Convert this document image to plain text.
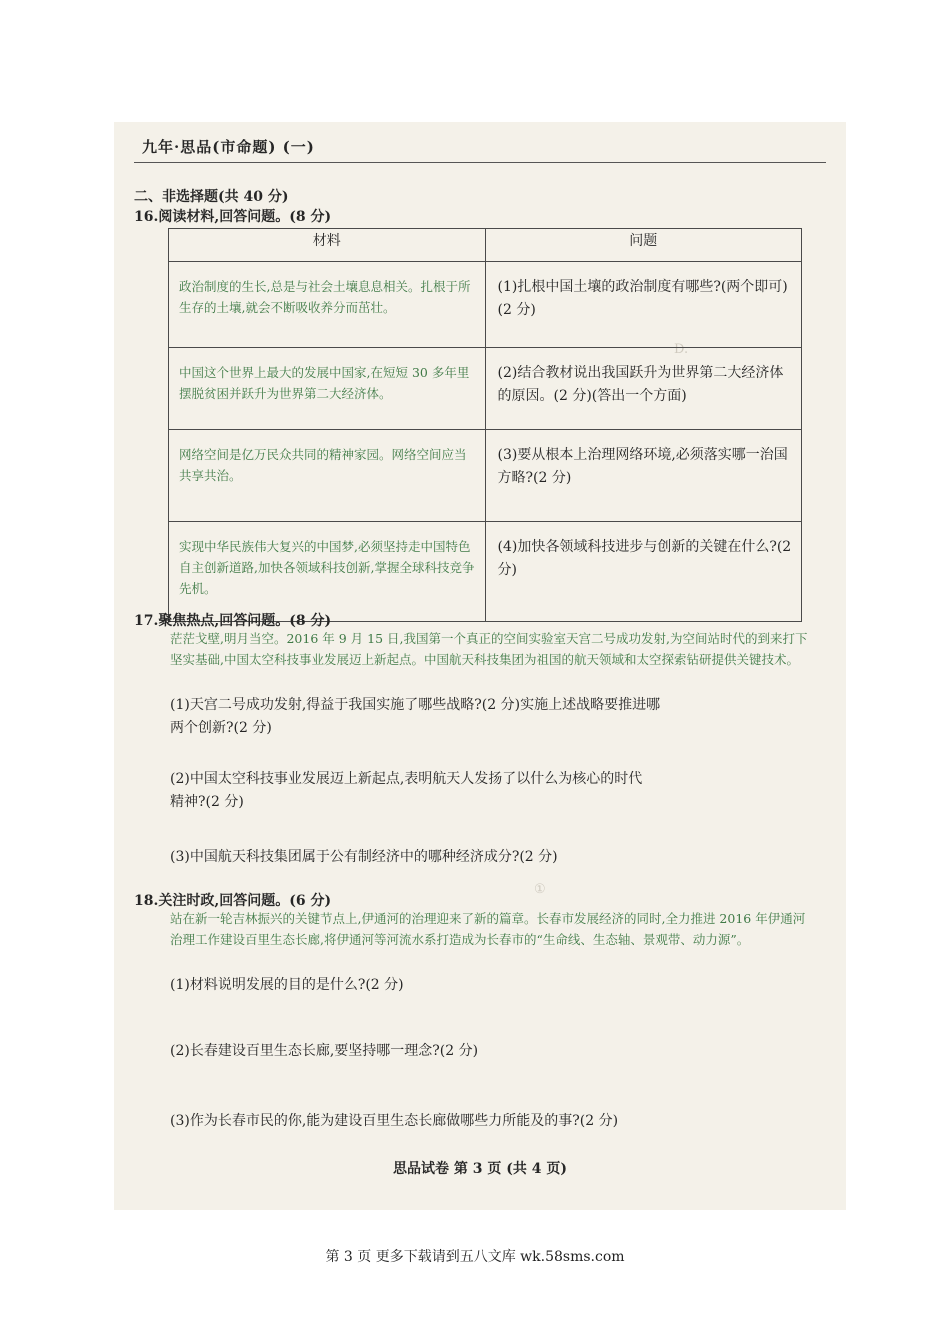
D.
①
九年·思品(市命题) (一)
二、非选择题(共 40 分)
16.阅读材料,回答问题。(8 分)
材料	问题
政治制度的生长,总是与社会土壤息息相关。扎根于所生存的土壤,就会不断吸收养分而茁壮。	(1)扎根中国土壤的政治制度有哪些?(两个即可)(2 分)
中国这个世界上最大的发展中国家,在短短 30 多年里摆脱贫困并跃升为世界第二大经济体。	(2)结合教材说出我国跃升为世界第二大经济体的原因。(2 分)(答出一个方面)
网络空间是亿万民众共同的精神家园。网络空间应当共享共治。	(3)要从根本上治理网络环境,必须落实哪一治国方略?(2 分)
实现中华民族伟大复兴的中国梦,必须坚持走中国特色自主创新道路,加快各领域科技创新,掌握全球科技竞争先机。	(4)加快各领域科技进步与创新的关键在什么?(2 分)
17.聚焦热点,回答问题。(8 分)
茫茫戈壁,明月当空。2016 年 9 月 15 日,我国第一个真正的空间实验室天宫二号成功发射,为空间站时代的到来打下坚实基础,中国太空科技事业发展迈上新起点。中国航天科技集团为祖国的航天领域和太空探索钻研提供关键技术。
(1)天宫二号成功发射,得益于我国实施了哪些战略?(2 分)实施上述战略要推进哪
两个创新?(2 分)
(2)中国太空科技事业发展迈上新起点,表明航天人发扬了以什么为核心的时代
精神?(2 分)
(3)中国航天科技集团属于公有制经济中的哪种经济成分?(2 分)
18.关注时政,回答问题。(6 分)
站在新一轮吉林振兴的关键节点上,伊通河的治理迎来了新的篇章。长春市发展经济的同时,全力推进 2016 年伊通河治理工作建设百里生态长廊,将伊通河等河流水系打造成为长春市的“生命线、生态轴、景观带、动力源”。
(1)材料说明发展的目的是什么?(2 分)
(2)长春建设百里生态长廊,要坚持哪一理念?(2 分)
(3)作为长春市民的你,能为建设百里生态长廊做哪些力所能及的事?(2 分)
思品试卷 第 3 页 (共 4 页)
第 3 页 更多下载请到五八文库 wk.58sms.com
